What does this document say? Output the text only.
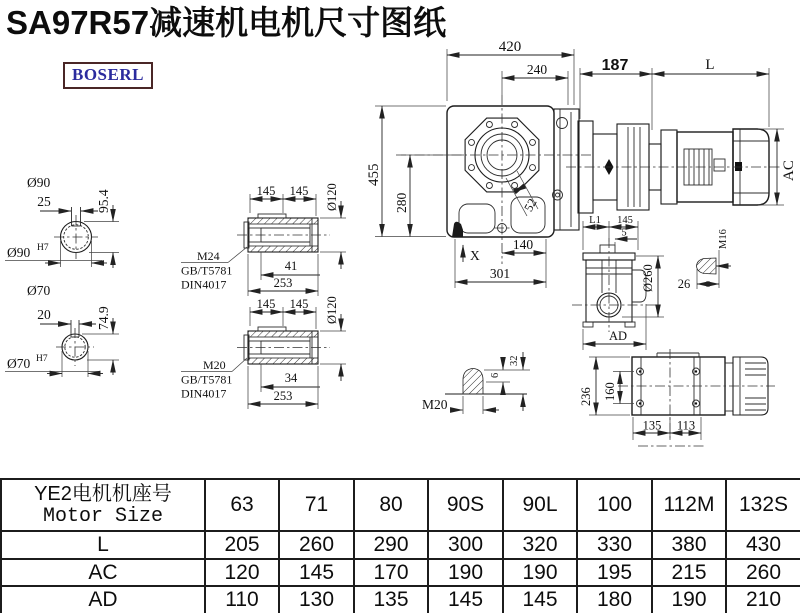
Ø90
25	95.4
Ø90 H7
Ø70
20	74.9
Ø70 H7
145 145 Ø120
M24
GB/T5781
DIN4017
41
253
145 145 Ø120
M20
GB/T5781
DIN4017
34
253
420
240
455
280	52
140
301
X
187	L
AC
L1 145
5
Ø260
AD
M16
26
6
32
M20	236 160
135 113
SA97R57减速机电机尺寸图纸
BOSERL
YE2电机机座号
Motor Size	63	71	80	90S	90L	100	112M	132S
L	205	260	290	300	320	330	380	430
AC	120	145	170	190	190	195	215	260
AD	110	130	135	145	145	180	190	210
